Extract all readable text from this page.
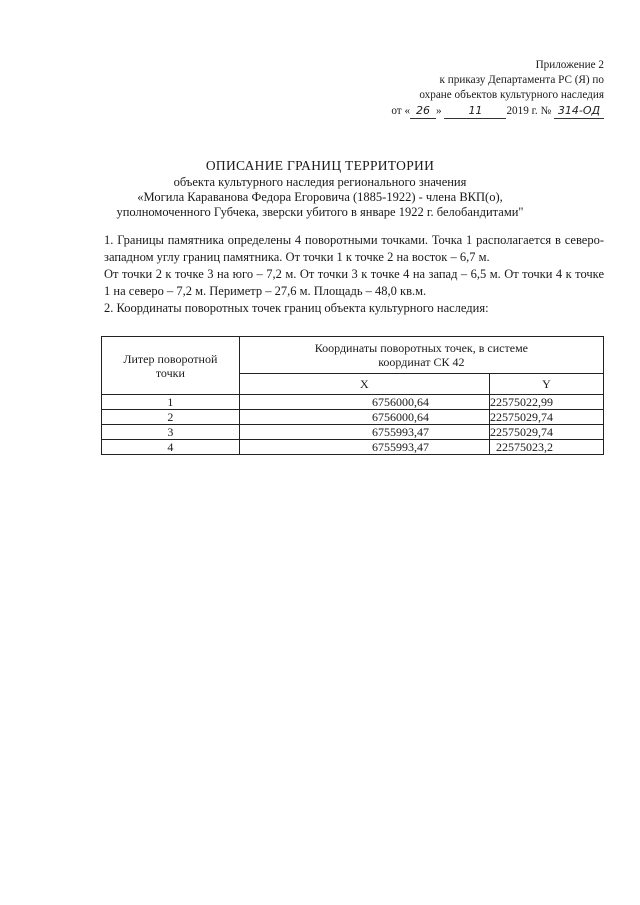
Приложение 2
к приказу Департамента РС (Я) по
охране объектов культурного наследия
от « 26 » 11 2019 г. № 314-ОД
ОПИСАНИЕ ГРАНИЦ ТЕРРИТОРИИ
объекта культурного наследия регионального значения
«Могила Караванова Федора Егоровича (1885-1922) - члена ВКП(о),
уполномоченного Губчека, зверски убитого в январе 1922 г. белобандитами"

1. Границы памятника определены 4 поворотными точками. Точка 1 располагается в северо-западном углу границ памятника. От точки 1 к точке 2 на восток – 6,7 м.

От точки 2 к точке 3 на юго – 7,2 м. От точки 3 к точке 4 на запад – 6,5 м. От точки 4 к точке 1 на северо – 7,2 м. Периметр – 27,6 м. Площадь – 48,0 кв.м.

2. Координаты поворотных точек границ объекта культурного наследия:

Литер поворотной точки	Координаты поворотных точек, в системе координат СК 42	
	X	Y
1	6756000,64	22575022,99
2	6756000,64	22575029,74
3	6755993,47	22575029,74
4	6755993,47	22575023,2
